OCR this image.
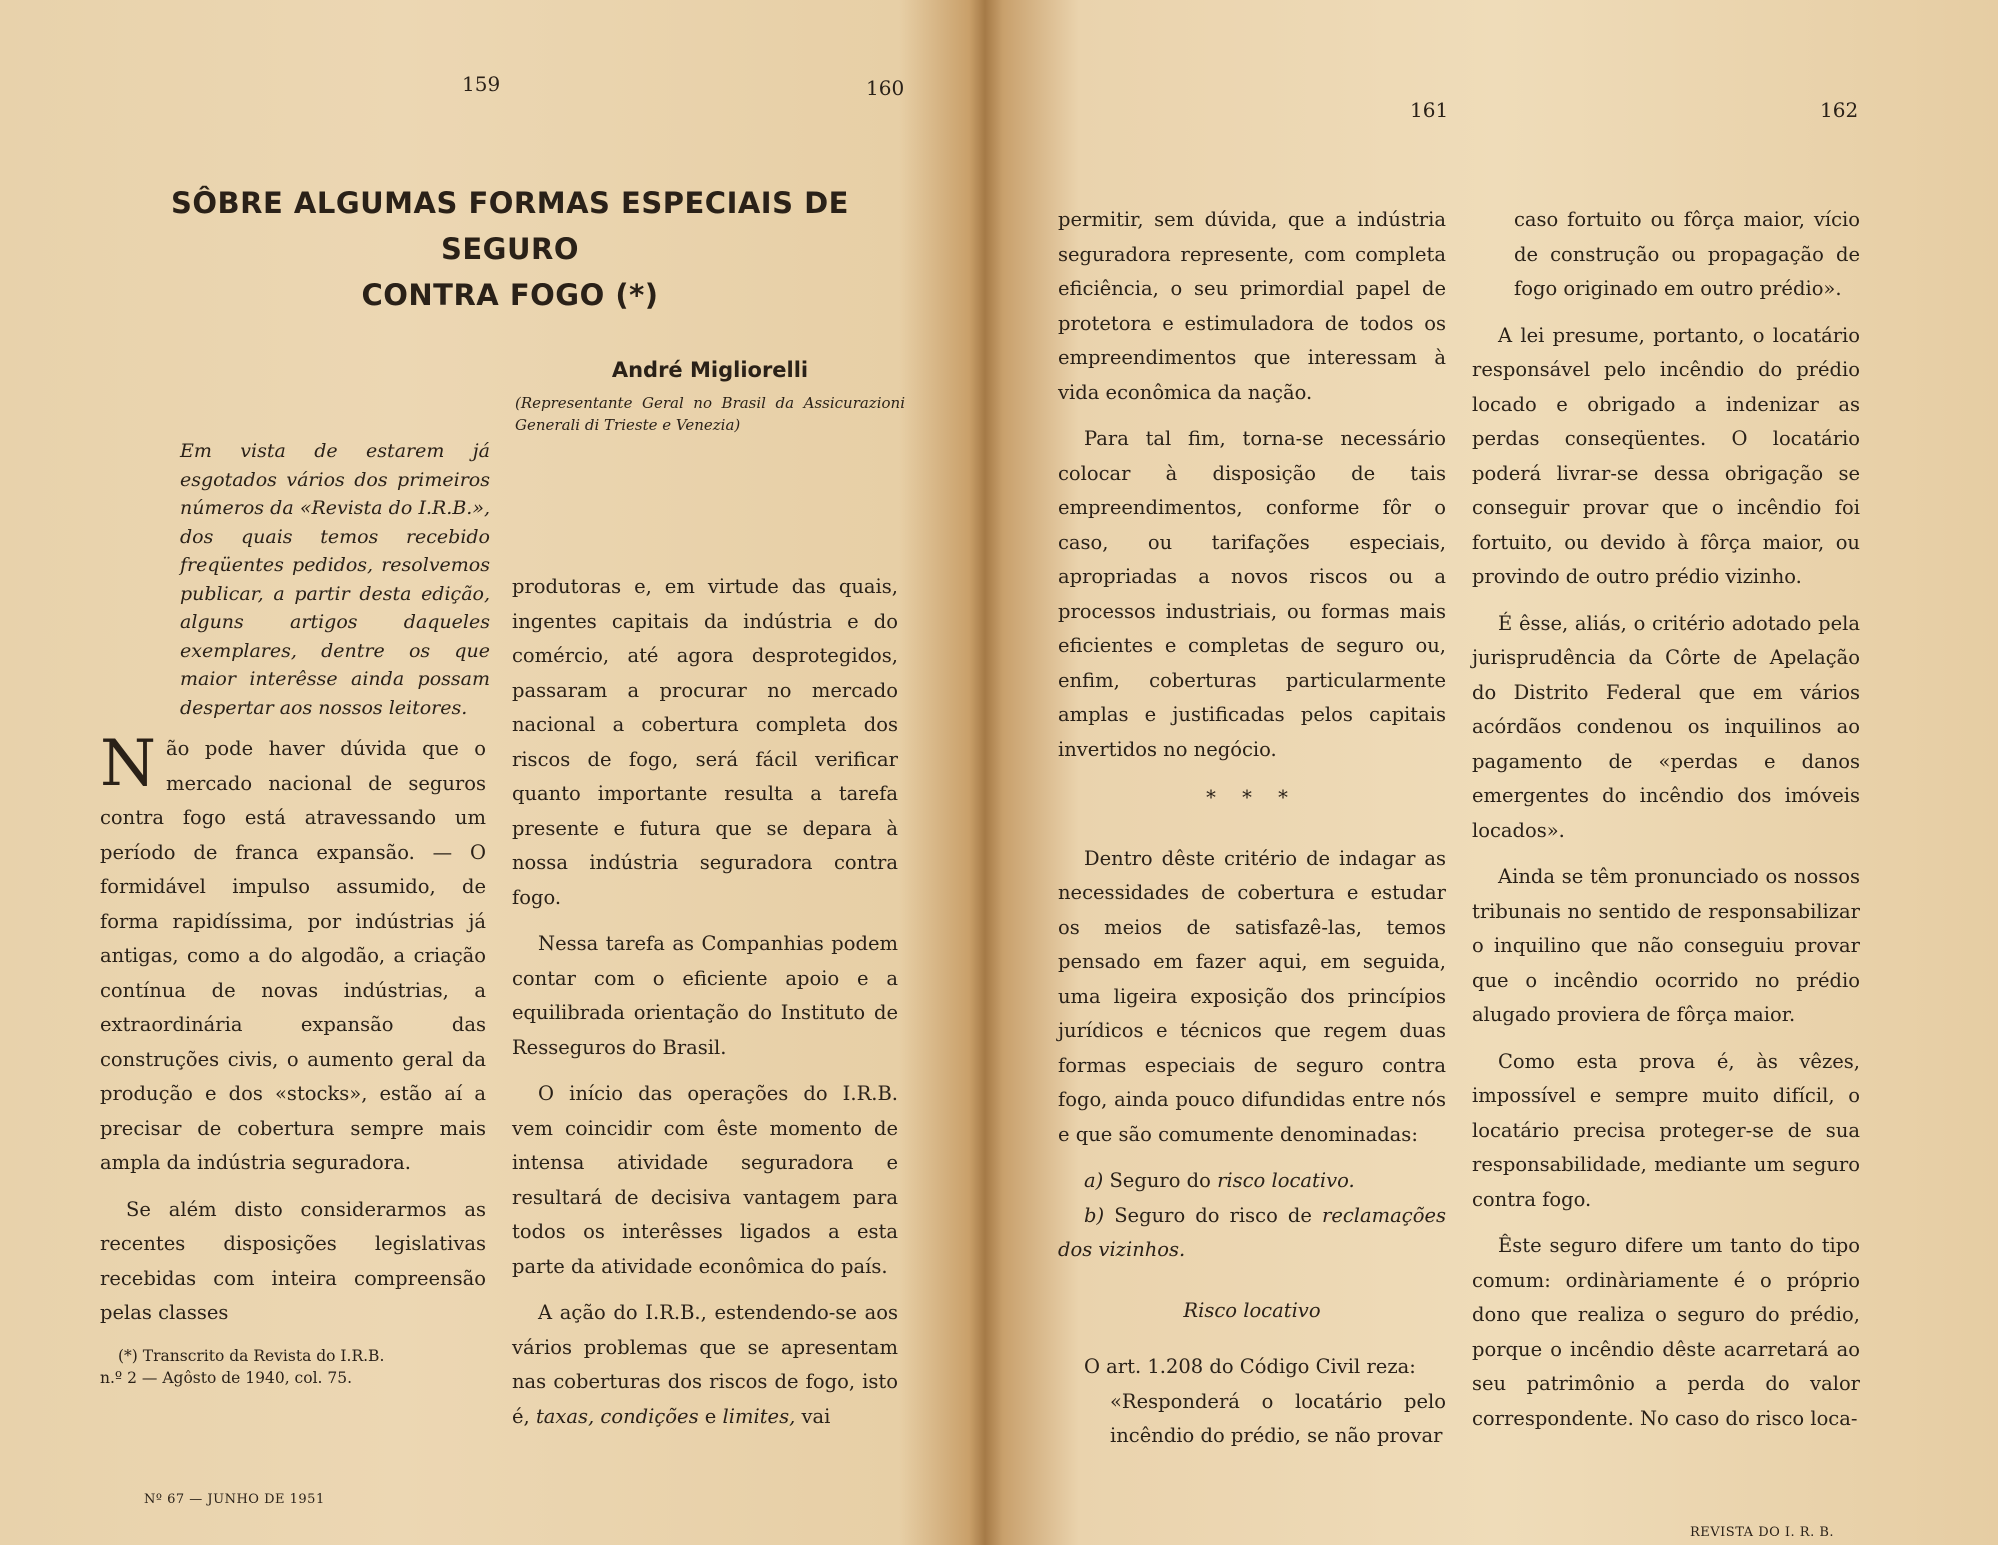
159	160
161	162
SÔBRE ALGUMAS FORMAS ESPECIAIS DE SEGURO
CONTRA FOGO (*)
André Migliorelli
(Representante Geral no Brasil da Assicurazioni Generali di Trieste e Venezia)
Em vista de estarem já esgotados vários dos primeiros números da «Revista do I.R.B.», dos quais temos recebido freqüentes pedidos, resolvemos publicar, a partir desta edição, alguns artigos daqueles exemplares, dentre os que maior interêsse ainda possam despertar aos nossos leitores.

Não pode haver dúvida que o mercado nacional de seguros contra fogo está atravessando um período de franca expansão. — O formidável impulso assumido, de forma rapidíssima, por indústrias já antigas, como a do algodão, a criação contínua de novas indústrias, a extraordinária expansão das construções civis, o aumento geral da produção e dos «stocks», estão aí a precisar de cobertura sempre mais ampla da indústria seguradora.

Se além disto considerarmos as recentes disposições legislativas recebidas com inteira compreensão pelas classes

(*) Transcrito da Revista do I.R.B.
n.º 2 — Agôsto de 1940, col. 75.

produtoras e, em virtude das quais, ingentes capitais da indústria e do comércio, até agora desprotegidos, passaram a procurar no mercado nacional a cobertura completa dos riscos de fogo, será fácil verificar quanto importante resulta a tarefa presente e futura que se depara à nossa indústria seguradora contra fogo.

Nessa tarefa as Companhias podem contar com o eficiente apoio e a equilibrada orientação do Instituto de Resseguros do Brasil.

O início das operações do I.R.B. vem coincidir com êste momento de intensa atividade seguradora e resultará de decisiva vantagem para todos os interêsses ligados a esta parte da atividade econômica do país.

A ação do I.R.B., estendendo-se aos vários problemas que se apresentam nas coberturas dos riscos de fogo, isto é, taxas, condições e limites, vai

Nº 67 — JUNHO DE 1951

permitir, sem dúvida, que a indústria seguradora represente, com completa eficiência, o seu primordial papel de protetora e estimuladora de todos os empreendimentos que interessam à vida econômica da nação.

Para tal fim, torna-se necessário colocar à disposição de tais empreendimentos, conforme fôr o caso, ou tarifações especiais, apropriadas a novos riscos ou a processos industriais, ou formas mais eficientes e completas de seguro ou, enfim, coberturas particularmente amplas e justificadas pelos capitais invertidos no negócio.

* * *

Dentro dêste critério de indagar as necessidades de cobertura e estudar os meios de satisfazê-las, temos pensado em fazer aqui, em seguida, uma ligeira exposição dos princípios jurídicos e técnicos que regem duas formas especiais de seguro contra fogo, ainda pouco difundidas entre nós e que são comumente denominadas:

a) Seguro do risco locativo.

b) Seguro do risco de reclamações dos vizinhos.

Risco locativo

O art. 1.208 do Código Civil reza:

«Responderá o locatário pelo incêndio do prédio, se não provar

caso fortuito ou fôrça maior, vício de construção ou propagação de fogo originado em outro prédio».

A lei presume, portanto, o locatário responsável pelo incêndio do prédio locado e obrigado a indenizar as perdas conseqüentes. O locatário poderá livrar-se dessa obrigação se conseguir provar que o incêndio foi fortuito, ou devido à fôrça maior, ou provindo de outro prédio vizinho.

É êsse, aliás, o critério adotado pela jurisprudência da Côrte de Apelação do Distrito Federal que em vários acórdãos condenou os inquilinos ao pagamento de «perdas e danos emergentes do incêndio dos imóveis locados».

Ainda se têm pronunciado os nossos tribunais no sentido de responsabilizar o inquilino que não conseguiu provar que o incêndio ocorrido no prédio alugado proviera de fôrça maior.

Como esta prova é, às vêzes, impossível e sempre muito difícil, o locatário precisa proteger-se de sua responsabilidade, mediante um seguro contra fogo.

Êste seguro difere um tanto do tipo comum: ordinàriamente é o próprio dono que realiza o seguro do prédio, porque o incêndio dêste acarretará ao seu patrimônio a perda do valor correspondente. No caso do risco loca-

REVISTA DO I. R. B.
